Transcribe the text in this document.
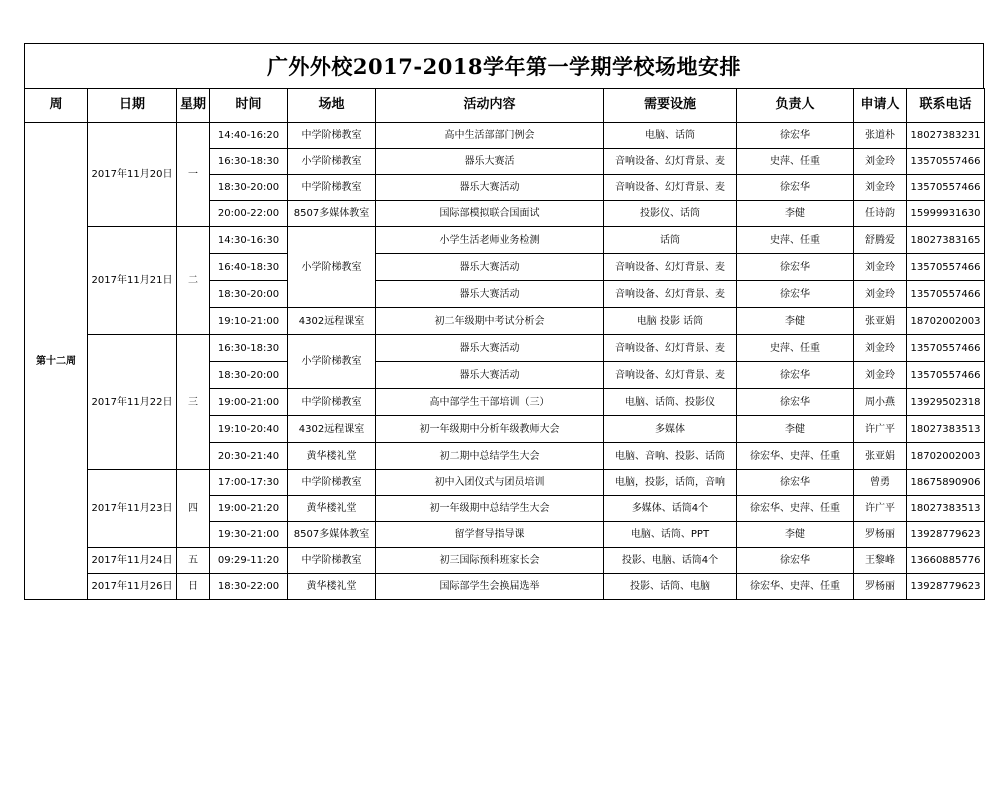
广外外校2017-2018学年第一学期学校场地安排
周	日期	星期	时间	场地	活动内容	需要设施	负责人	申请人	联系电话
第十二周	2017年11月20日	一	14:40-16:20	中学阶梯教室	高中生活部部门例会	电脑、话筒	徐宏华	张道朴	18027383231
			16:30-18:30	小学阶梯教室	器乐大赛活	音响设备、幻灯背景、麦	史萍、任重	刘金玲	13570557466
			18:30-20:00	中学阶梯教室	器乐大赛活动	音响设备、幻灯背景、麦	徐宏华	刘金玲	13570557466
			20:00-22:00	8507多媒体教室	国际部模拟联合国面试	投影仪、话筒	李健	任诗韵	15999931630
	2017年11月21日	二	14:30-16:30	小学阶梯教室	小学生活老师业务检测	话筒	史萍、任重	舒腾爱	18027383165
			16:40-18:30		器乐大赛活动	音响设备、幻灯背景、麦	徐宏华	刘金玲	13570557466
			18:30-20:00		器乐大赛活动	音响设备、幻灯背景、麦	徐宏华	刘金玲	13570557466
			19:10-21:00	4302远程课室	初二年级期中考试分析会	电脑 投影 话筒	李健	张亚娟	18702002003
	2017年11月22日	三	16:30-18:30	小学阶梯教室	器乐大赛活动	音响设备、幻灯背景、麦	史萍、任重	刘金玲	13570557466
			18:30-20:00		器乐大赛活动	音响设备、幻灯背景、麦	徐宏华	刘金玲	13570557466
			19:00-21:00	中学阶梯教室	高中部学生干部培训（三）	电脑、话筒、投影仪	徐宏华	周小燕	13929502318
			19:10-20:40	4302远程课室	初一年级期中分析年级教师大会	多媒体	李健	许广平	18027383513
			20:30-21:40	黄华楼礼堂	初二期中总结学生大会	电脑、音响、投影、话筒	徐宏华、史萍、任重	张亚娟	18702002003
	2017年11月23日	四	17:00-17:30	中学阶梯教室	初中入团仪式与团员培训	电脑，投影，话筒，音响	徐宏华	曾勇	18675890906
			19:00-21:20	黄华楼礼堂	初一年级期中总结学生大会	多媒体、话筒4个	徐宏华、史萍、任重	许广平	18027383513
			19:30-21:00	8507多媒体教室	留学督导指导课	电脑、话筒、PPT	李健	罗杨丽	13928779623
	2017年11月24日	五	09:29-11:20	中学阶梯教室	初三国际预科班家长会	投影、电脑、话筒4个	徐宏华	王黎峰	13660885776
	2017年11月26日	日	18:30-22:00	黄华楼礼堂	国际部学生会换届选举	投影、话筒、电脑	徐宏华、史萍、任重	罗杨丽	13928779623
